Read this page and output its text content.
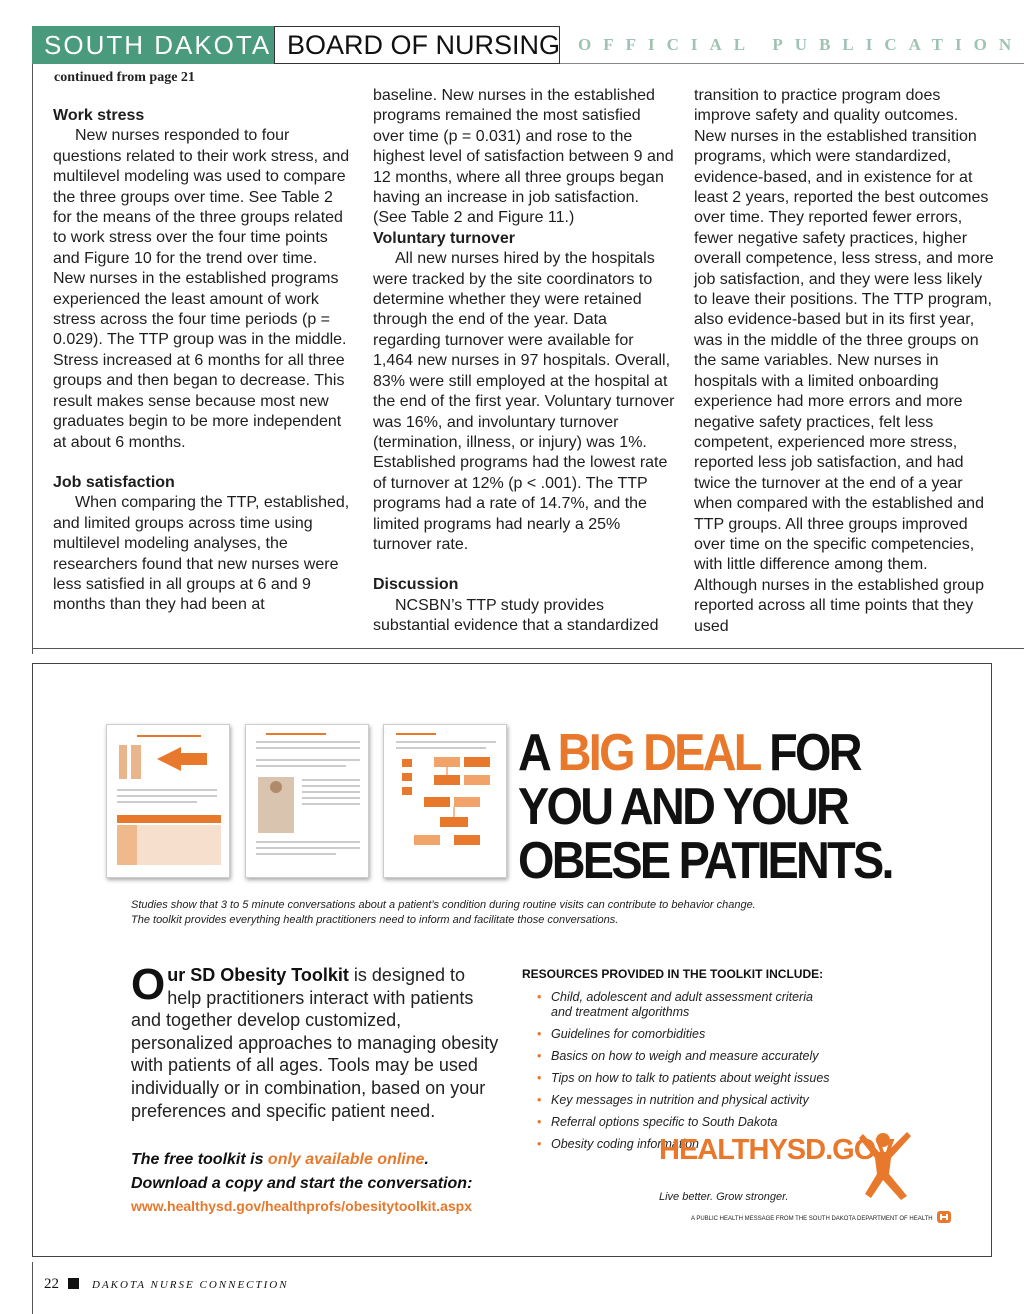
SOUTH DAKOTA BOARD OF NURSING	OFFICIAL PUBLICATION
continued from page 21
Work stress
New nurses responded to four questions related to their work stress, and multilevel modeling was used to compare the three groups over time. See Table 2 for the means of the three groups related to work stress over the four time points and Figure 10 for the trend over time. New nurses in the established programs experienced the least amount of work stress across the four time periods (p = 0.029). The TTP group was in the middle. Stress increased at 6 months for all three groups and then began to decrease. This result makes sense because most new graduates begin to be more independent at about 6 months.
Job satisfaction
When comparing the TTP, established, and limited groups across time using multilevel modeling analyses, the researchers found that new nurses were less satisfied in all groups at 6 and 9 months than they had been at
baseline. New nurses in the established programs remained the most satisfied over time (p = 0.031) and rose to the highest level of satisfaction between 9 and 12 months, where all three groups began having an increase in job satisfaction. (See Table 2 and Figure 11.)
Voluntary turnover
All new nurses hired by the hospitals were tracked by the site coordinators to determine whether they were retained through the end of the year. Data regarding turnover were available for 1,464 new nurses in 97 hospitals. Overall, 83% were still employed at the hospital at the end of the first year. Voluntary turnover was 16%, and involuntary turnover (termination, illness, or injury) was 1%. Established programs had the lowest rate of turnover at 12% (p < .001). The TTP programs had a rate of 14.7%, and the limited programs had nearly a 25% turnover rate.
Discussion
NCSBN’s TTP study provides substantial evidence that a standardized
transition to practice program does improve safety and quality outcomes. New nurses in the established transition programs, which were standardized, evidence-based, and in existence for at least 2 years, reported the best outcomes over time. They reported fewer errors, fewer negative safety practices, higher overall competence, less stress, and more job satisfaction, and they were less likely to leave their positions. The TTP program, also evidence-based but in its first year, was in the middle of the three groups on the same variables. New nurses in hospitals with a limited onboarding experience had more errors and more negative safety practices, felt less competent, experienced more stress, reported less job satisfaction, and had twice the turnover at the end of a year when compared with the established and TTP groups. All three groups improved over time on the specific competencies, with little difference among them. Although nurses in the established group reported across all time points that they used
A BIG DEAL FOR
YOU AND YOUR
OBESE PATIENTS.
Studies show that 3 to 5 minute conversations about a patient’s condition during routine visits can contribute to behavior change. The toolkit provides everything health practitioners need to inform and facilitate those conversations.
Our SD Obesity Toolkit is designed to help practitioners interact with patients and together develop customized, personalized approaches to managing obesity with patients of all ages. Tools may be used individually or in combination, based on your preferences and specific patient need.
The free toolkit is only available online.
Download a copy and start the conversation:
www.healthysd.gov/healthprofs/obesitytoolkit.aspx
RESOURCES PROVIDED IN THE TOOLKIT INCLUDE:
• Child, adolescent and adult assessment criteria and treatment algorithms
• Guidelines for comorbidities
• Basics on how to weigh and measure accurately
• Tips on how to talk to patients about weight issues
• Key messages in nutrition and physical activity
• Referral options specific to South Dakota
• Obesity coding information
HEALTHYSD.GOV
Live better. Grow stronger.
A PUBLIC HEALTH MESSAGE FROM THE SOUTH DAKOTA DEPARTMENT OF HEALTH
22	DAKOTA NURSE CONNECTION
